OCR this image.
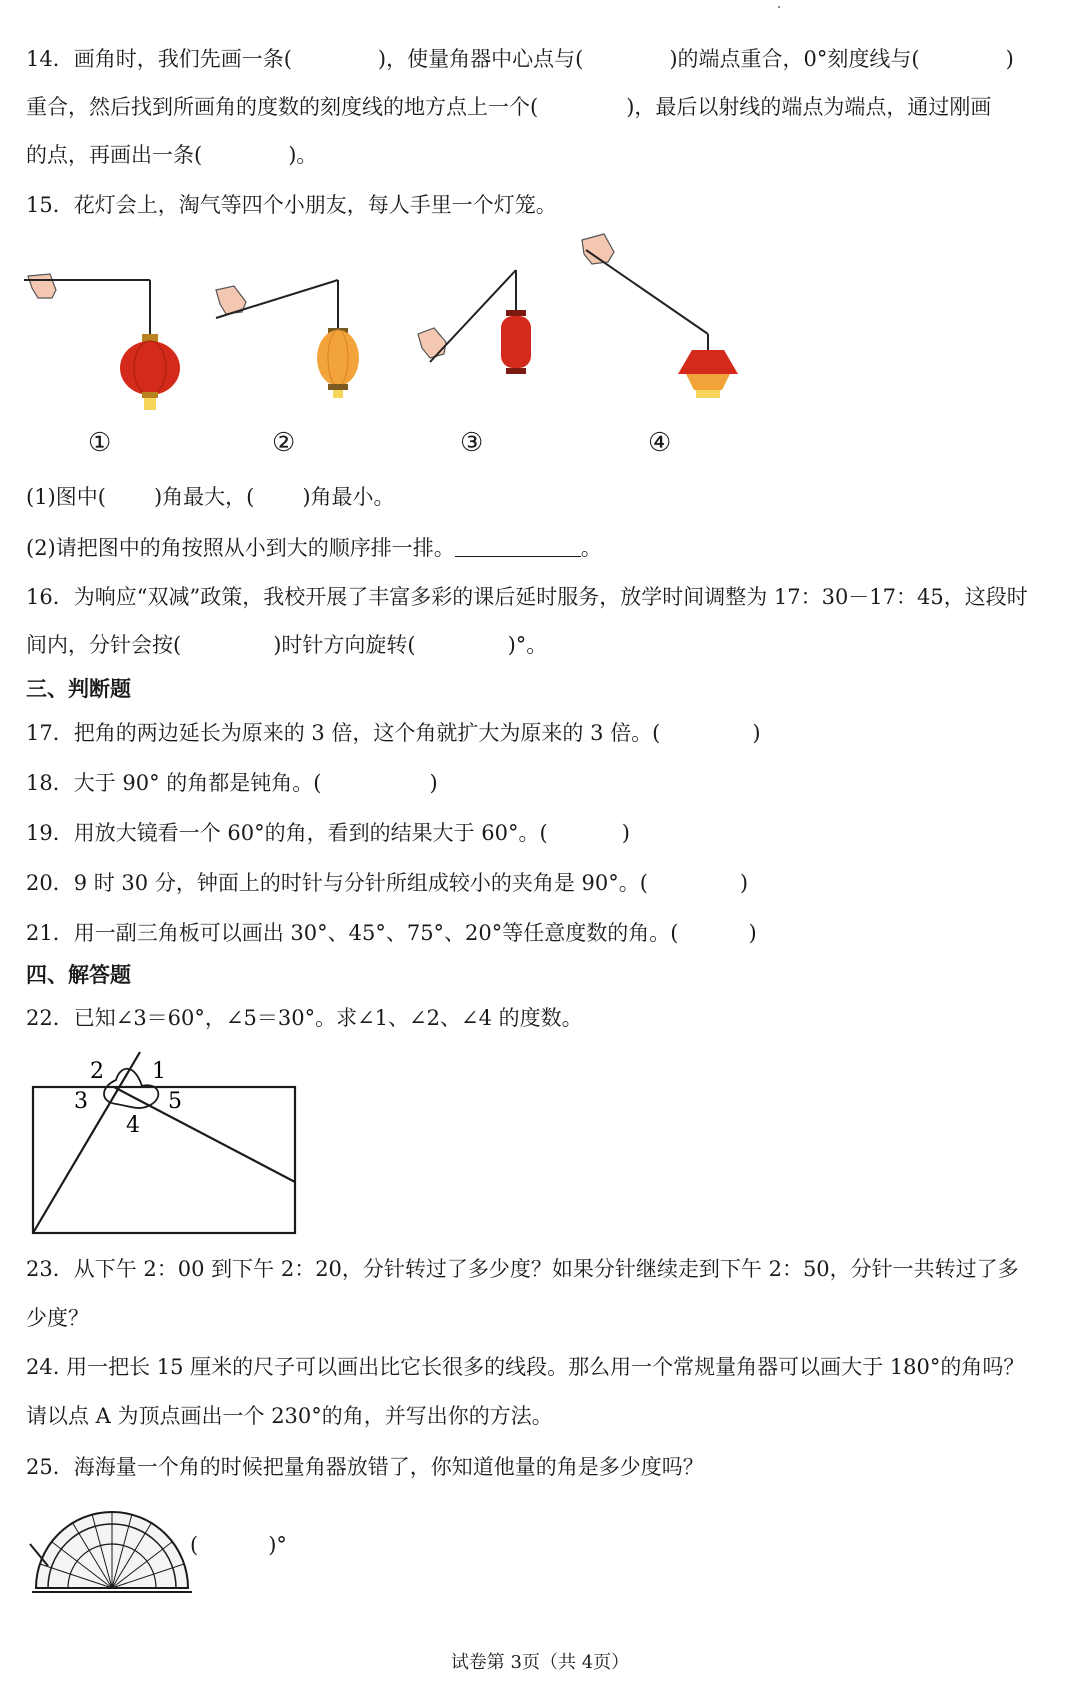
14．画角时，我们先画一条(	)，使量角器中心点与(	)的端点重合，0°刻度线与(	)
重合，然后找到所画角的度数的刻度线的地方点上一个(	)，最后以射线的端点为端点，通过刚画
的点，再画出一条(	)。
15．花灯会上，淘气等四个小朋友，每人手里一个灯笼。
①	②	③	④
(1)图中( )角最大，( )角最小。
(2)请把图中的角按照从小到大的顺序排一排。	。
16．为响应“双减”政策，我校开展了丰富多彩的课后延时服务，放学时间调整为 17：30－17：45，这段时
间内，分针会按(	)时针方向旋转(	)°。
三、判断题
17．把角的两边延长为原来的 3 倍，这个角就扩大为原来的 3 倍。(	)
18．大于 90° 的角都是钝角。(	)
19．用放大镜看一个 60°的角，看到的结果大于 60°。(	)
20．9 时 30 分，钟面上的时针与分针所组成较小的夹角是 90°。(	)
21．用一副三角板可以画出 30°、45°、75°、20°等任意度数的角。(	)
四、解答题
22．已知∠3＝60°，∠5＝30°。求∠1、∠2、∠4 的度数。
2 1
3	5
4
23．从下午 2：00 到下午 2：20，分针转过了多少度？如果分针继续走到下午 2：50，分针一共转过了多
少度？
24. 用一把长 15 厘米的尺子可以画出比它长很多的线段。那么用一个常规量角器可以画大于 180°的角吗？
请以点 A 为顶点画出一个 230°的角，并写出你的方法。
25．海海量一个角的时候把量角器放错了，你知道他量的角是多少度吗？
(	)°
试卷第 3页（共 4页）
